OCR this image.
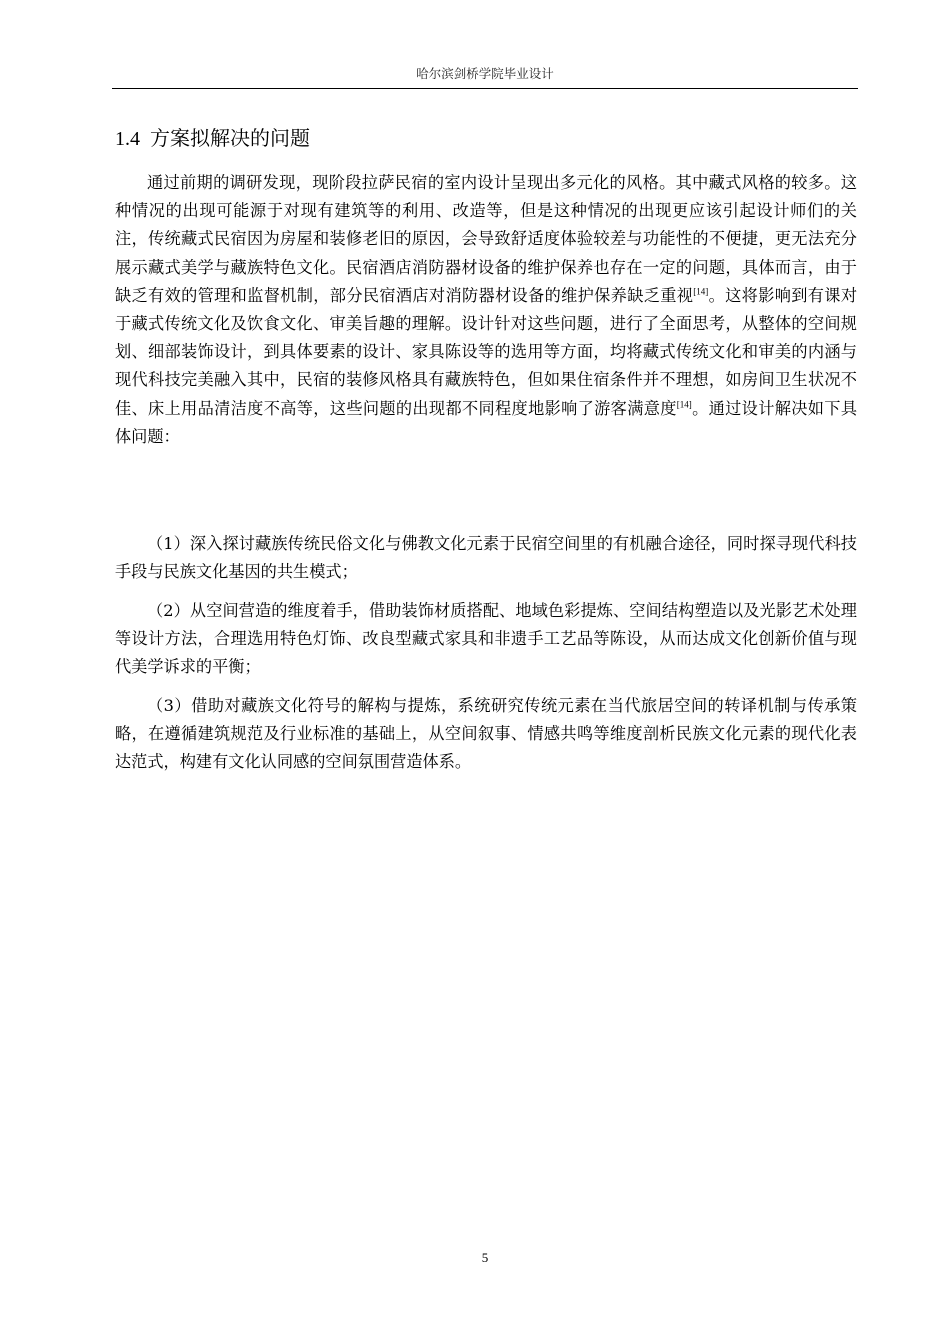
哈尔滨剑桥学院毕业设计
1.4 方案拟解决的问题

通过前期的调研发现，现阶段拉萨民宿的室内设计呈现出多元化的风格。其中藏式风格的较多。这种情况的出现可能源于对现有建筑等的利用、改造等，但是这种情况的出现更应该引起设计师们的关注，传统藏式民宿因为房屋和装修老旧的原因，会导致舒适度体验较差与功能性的不便捷，更无法充分展示藏式美学与藏族特色文化。民宿酒店消防器材设备的维护保养也存在一定的问题，具体而言，由于缺乏有效的管理和监督机制，部分民宿酒店对消防器材设备的维护保养缺乏重视[14]。这将影响到有课对于藏式传统文化及饮食文化、审美旨趣的理解。设计针对这些问题，进行了全面思考，从整体的空间规划、细部装饰设计，到具体要素的设计、家具陈设等的选用等方面，均将藏式传统文化和审美的内涵与现代科技完美融入其中，民宿的装修风格具有藏族特色，但如果住宿条件并不理想，如房间卫生状况不佳、床上用品清洁度不高等，这些问题的出现都不同程度地影响了游客满意度[14]。通过设计解决如下具体问题：

（1）深入探讨藏族传统民俗文化与佛教文化元素于民宿空间里的有机融合途径，同时探寻现代科技手段与民族文化基因的共生模式；

（2）从空间营造的维度着手，借助装饰材质搭配、地域色彩提炼、空间结构塑造以及光影艺术处理等设计方法，合理选用特色灯饰、改良型藏式家具和非遗手工艺品等陈设，从而达成文化创新价值与现代美学诉求的平衡；

（3）借助对藏族文化符号的解构与提炼，系统研究传统元素在当代旅居空间的转译机制与传承策略，在遵循建筑规范及行业标准的基础上，从空间叙事、情感共鸣等维度剖析民族文化元素的现代化表达范式，构建有文化认同感的空间氛围营造体系。

5
